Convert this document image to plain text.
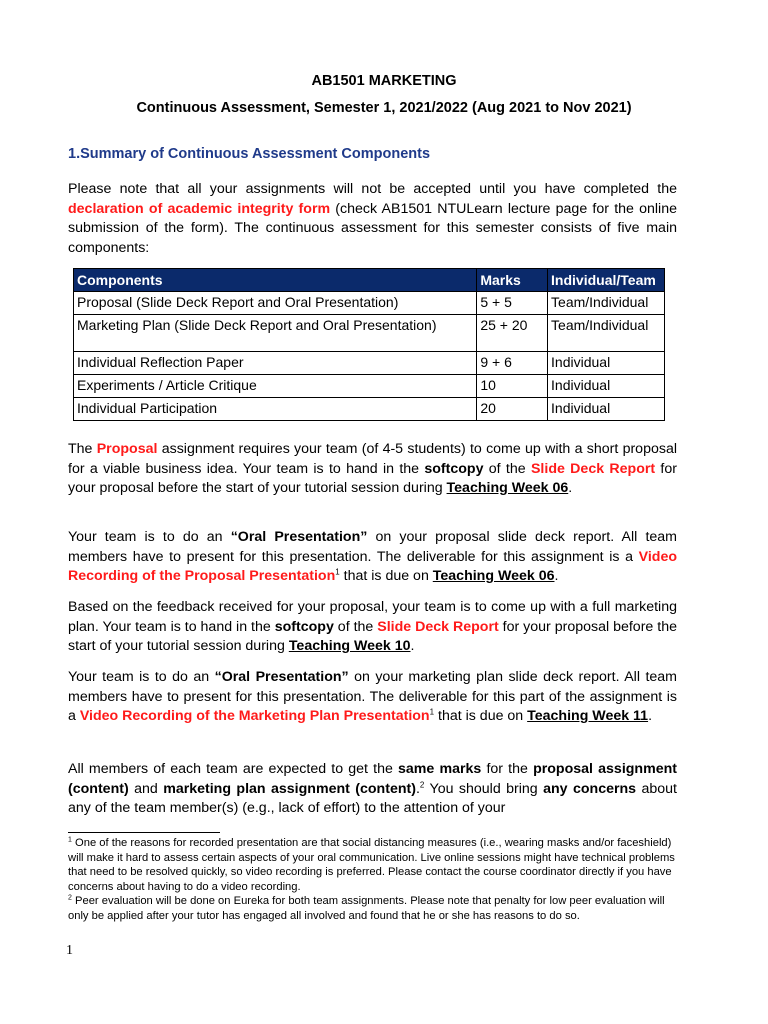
AB1501 MARKETING
Continuous Assessment, Semester 1, 2021/2022 (Aug 2021 to Nov 2021)
1.Summary of Continuous Assessment Components
Please note that all your assignments will not be accepted until you have completed the declaration of academic integrity form (check AB1501 NTULearn lecture page for the online submission of the form). The continuous assessment for this semester consists of five main components:
Components	Marks	Individual/Team
Proposal (Slide Deck Report and Oral Presentation)	5 + 5	Team/Individual
Marketing Plan (Slide Deck Report and Oral Presentation)	25 + 20	Team/Individual
Individual Reflection Paper	9 + 6	Individual
Experiments / Article Critique	10	Individual
Individual Participation	20	Individual
The Proposal assignment requires your team (of 4-5 students) to come up with a short proposal for a viable business idea. Your team is to hand in the softcopy of the Slide Deck Report for your proposal before the start of your tutorial session during Teaching Week 06.
Your team is to do an “Oral Presentation” on your proposal slide deck report. All team members have to present for this presentation. The deliverable for this assignment is a Video Recording of the Proposal Presentation$^1$ that is due on Teaching Week 06.
Based on the feedback received for your proposal, your team is to come up with a full marketing plan. Your team is to hand in the softcopy of the Slide Deck Report for your proposal before the start of your tutorial session during Teaching Week 10.
Your team is to do an “Oral Presentation” on your marketing plan slide deck report. All team members have to present for this presentation. The deliverable for this part of the assignment is a Video Recording of the Marketing Plan Presentation$^1$ that is due on Teaching Week 11.
All members of each team are expected to get the same marks for the proposal assignment (content) and marketing plan assignment (content).$^2$ You should bring any concerns about any of the team member(s) (e.g., lack of effort) to the attention of your
$^1$ One of the reasons for recorded presentation are that social distancing measures (i.e., wearing masks and/or faceshield) will make it hard to assess certain aspects of your oral communication. Live online sessions might have technical problems that need to be resolved quickly, so video recording is preferred. Please contact the course coordinator directly if you have concerns about having to do a video recording.
$^2$ Peer evaluation will be done on Eureka for both team assignments. Please note that penalty for low peer evaluation will only be applied after your tutor has engaged all involved and found that he or she has reasons to do so.
1
